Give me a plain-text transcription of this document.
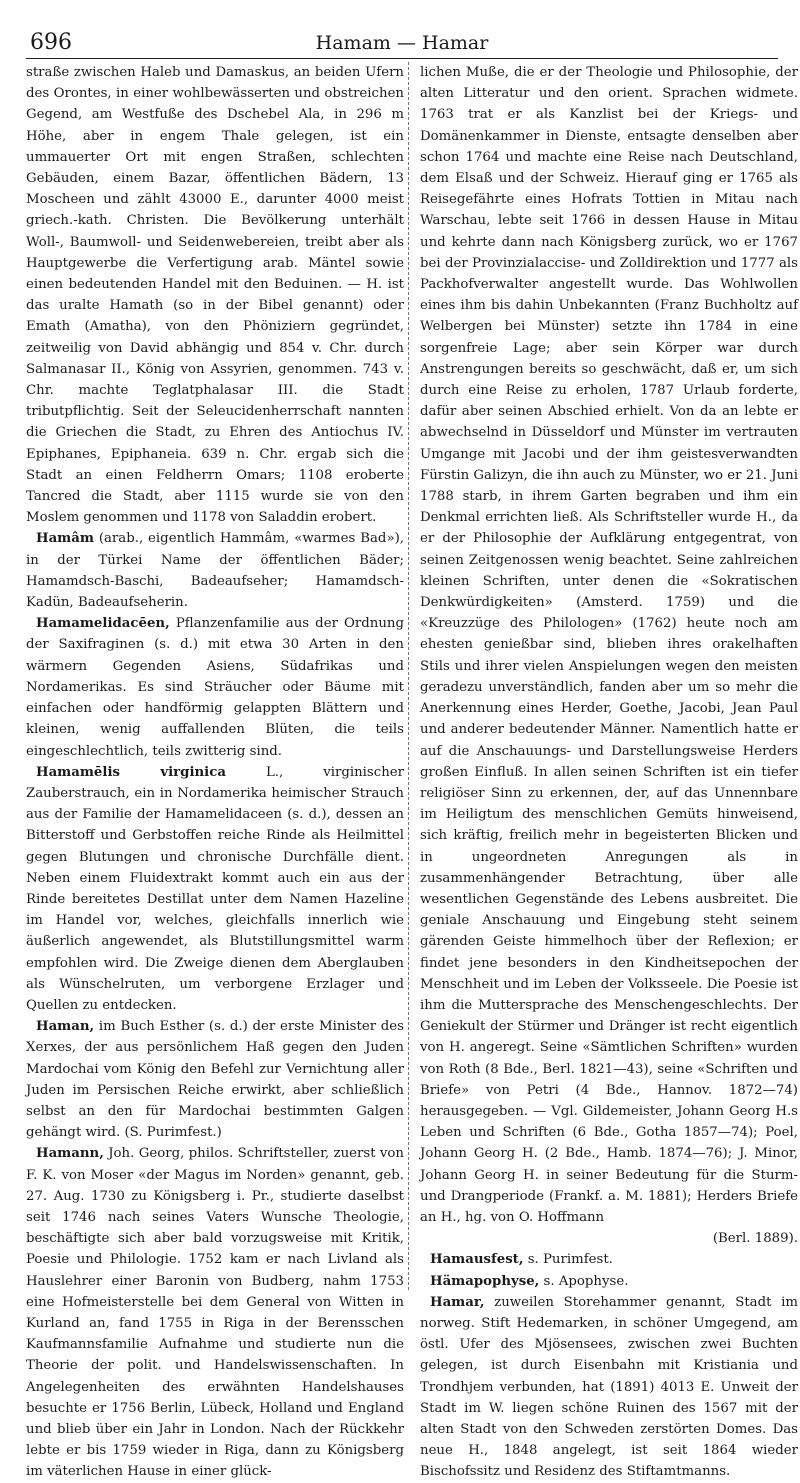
696	Hamam — Hamar

straße zwischen Haleb und Damaskus, an beiden Ufern des Orontes, in einer wohlbewässerten und obstreichen Gegend, am Westfuße des Dschebel Ala, in 296 m Höhe, aber in engem Thale gelegen, ist ein ummauerter Ort mit engen Straßen, schlechten Gebäuden, einem Bazar, öffentlichen Bädern, 13 Moscheen und zählt 43000 E., darunter 4000 meist griech.-kath. Christen. Die Bevölkerung unterhält Woll-, Baumwoll- und Seidenwebereien, treibt aber als Hauptgewerbe die Verfertigung arab. Mäntel sowie einen bedeutenden Handel mit den Beduinen. — H. ist das uralte Hamath (so in der Bibel genannt) oder Emath (Amatha), von den Phöniziern gegründet, zeitweilig von David abhängig und 854 v. Chr. durch Salmanasar II., König von Assyrien, genommen. 743 v. Chr. machte Teglatphalasar III. die Stadt tributpflichtig. Seit der Seleucidenherrschaft nannten die Griechen die Stadt, zu Ehren des Antiochus IV. Epiphanes, Epiphaneia. 639 n. Chr. ergab sich die Stadt an einen Feldherrn Omars; 1108 eroberte Tancred die Stadt, aber 1115 wurde sie von den Moslem genommen und 1178 von Saladdin erobert.

Hamâm (arab., eigentlich Hammâm, «warmes Bad»), in der Türkei Name der öffentlichen Bäder; Hamamdsch-Baschi, Badeaufseher; Hamamdsch-Kadün, Badeaufseherin.

Hamamelidacēen, Pflanzenfamilie aus der Ordnung der Saxifraginen (s. d.) mit etwa 30 Arten in den wärmern Gegenden Asiens, Südafrikas und Nordamerikas. Es sind Sträucher oder Bäume mit einfachen oder handförmig gelappten Blättern und kleinen, wenig auffallenden Blüten, die teils eingeschlechtlich, teils zwitterig sind.

Hamamēlis virginica L., virginischer Zauberstrauch, ein in Nordamerika heimischer Strauch aus der Familie der Hamamelidaceen (s. d.), dessen an Bitterstoff und Gerbstoffen reiche Rinde als Heilmittel gegen Blutungen und chronische Durchfälle dient. Neben einem Fluidextrakt kommt auch ein aus der Rinde bereitetes Destillat unter dem Namen Hazeline im Handel vor, welches, gleichfalls innerlich wie äußerlich angewendet, als Blutstillungsmittel warm empfohlen wird. Die Zweige dienen dem Aberglauben als Wünschelruten, um verborgene Erzlager und Quellen zu entdecken.

Haman, im Buch Esther (s. d.) der erste Minister des Xerxes, der aus persönlichem Haß gegen den Juden Mardochai vom König den Befehl zur Vernichtung aller Juden im Persischen Reiche erwirkt, aber schließlich selbst an den für Mardochai bestimmten Galgen gehängt wird. (S. Purimfest.)

Hamann, Joh. Georg, philos. Schriftsteller, zuerst von F. K. von Moser «der Magus im Norden» genannt, geb. 27. Aug. 1730 zu Königsberg i. Pr., studierte daselbst seit 1746 nach seines Vaters Wunsche Theologie, beschäftigte sich aber bald vorzugsweise mit Kritik, Poesie und Philologie. 1752 kam er nach Livland als Hauslehrer einer Baronin von Budberg, nahm 1753 eine Hofmeisterstelle bei dem General von Witten in Kurland an, fand 1755 in Riga in der Berensschen Kaufmannsfamilie Aufnahme und studierte nun die Theorie der polit. und Handelswissenschaften. In Angelegenheiten des erwähnten Handelshauses besuchte er 1756 Berlin, Lübeck, Holland und England und blieb über ein Jahr in London. Nach der Rückkehr lebte er bis 1759 wieder in Riga, dann zu Königsberg im väterlichen Hause in einer glück-

lichen Muße, die er der Theologie und Philosophie, der alten Litteratur und den orient. Sprachen widmete. 1763 trat er als Kanzlist bei der Kriegs- und Domänenkammer in Dienste, entsagte denselben aber schon 1764 und machte eine Reise nach Deutschland, dem Elsaß und der Schweiz. Hierauf ging er 1765 als Reisegefährte eines Hofrats Tottien in Mitau nach Warschau, lebte seit 1766 in dessen Hause in Mitau und kehrte dann nach Königsberg zurück, wo er 1767 bei der Provinzialaccise- und Zolldirektion und 1777 als Packhofverwalter angestellt wurde. Das Wohlwollen eines ihm bis dahin Unbekannten (Franz Buchholtz auf Welbergen bei Münster) setzte ihn 1784 in eine sorgenfreie Lage; aber sein Körper war durch Anstrengungen bereits so geschwächt, daß er, um sich durch eine Reise zu erholen, 1787 Urlaub forderte, dafür aber seinen Abschied erhielt. Von da an lebte er abwechselnd in Düsseldorf und Münster im vertrauten Umgange mit Jacobi und der ihm geistesverwandten Fürstin Galizyn, die ihn auch zu Münster, wo er 21. Juni 1788 starb, in ihrem Garten begraben und ihm ein Denkmal errichten ließ. Als Schriftsteller wurde H., da er der Philosophie der Aufklärung entgegentrat, von seinen Zeitgenossen wenig beachtet. Seine zahlreichen kleinen Schriften, unter denen die «Sokratischen Denkwürdigkeiten» (Amsterd. 1759) und die «Kreuzzüge des Philologen» (1762) heute noch am ehesten genießbar sind, blieben ihres orakelhaften Stils und ihrer vielen Anspielungen wegen den meisten geradezu unverständlich, fanden aber um so mehr die Anerkennung eines Herder, Goethe, Jacobi, Jean Paul und anderer bedeutender Männer. Namentlich hatte er auf die Anschauungs- und Darstellungsweise Herders großen Einfluß. In allen seinen Schriften ist ein tiefer religiöser Sinn zu erkennen, der, auf das Unnennbare im Heiligtum des menschlichen Gemüts hinweisend, sich kräftig, freilich mehr in begeisterten Blicken und in ungeordneten Anregungen als in zusammenhängender Betrachtung, über alle wesentlichen Gegenstände des Lebens ausbreitet. Die geniale Anschauung und Eingebung steht seinem gärenden Geiste himmelhoch über der Reflexion; er findet jene besonders in den Kindheitsepochen der Menschheit und im Leben der Volksseele. Die Poesie ist ihm die Muttersprache des Menschengeschlechts. Der Geniekult der Stürmer und Dränger ist recht eigentlich von H. angeregt. Seine «Sämtlichen Schriften» wurden von Roth (8 Bde., Berl. 1821—43), seine «Schriften und Briefe» von Petri (4 Bde., Hannov. 1872—74) herausgegeben. — Vgl. Gildemeister, Johann Georg H.s Leben und Schriften (6 Bde., Gotha 1857—74); Poel, Johann Georg H. (2 Bde., Hamb. 1874—76); J. Minor, Johann Georg H. in seiner Bedeutung für die Sturm- und Drangperiode (Frankf. a. M. 1881); Herders Briefe an H., hg. von O. Hoffmann

(Berl. 1889).

Hamausfest, s. Purimfest.

Hämapophyse, s. Apophyse.

Hamar, zuweilen Storehammer genannt, Stadt im norweg. Stift Hedemarken, in schöner Umgegend, am östl. Ufer des Mjösensees, zwischen zwei Buchten gelegen, ist durch Eisenbahn mit Kristiania und Trondhjem verbunden, hat (1891) 4013 E. Unweit der Stadt im W. liegen schöne Ruinen des 1567 mit der alten Stadt von den Schweden zerstörten Domes. Das neue H., 1848 angelegt, ist seit 1864 wieder Bischofssitz und Residenz des Stiftamtmanns.
